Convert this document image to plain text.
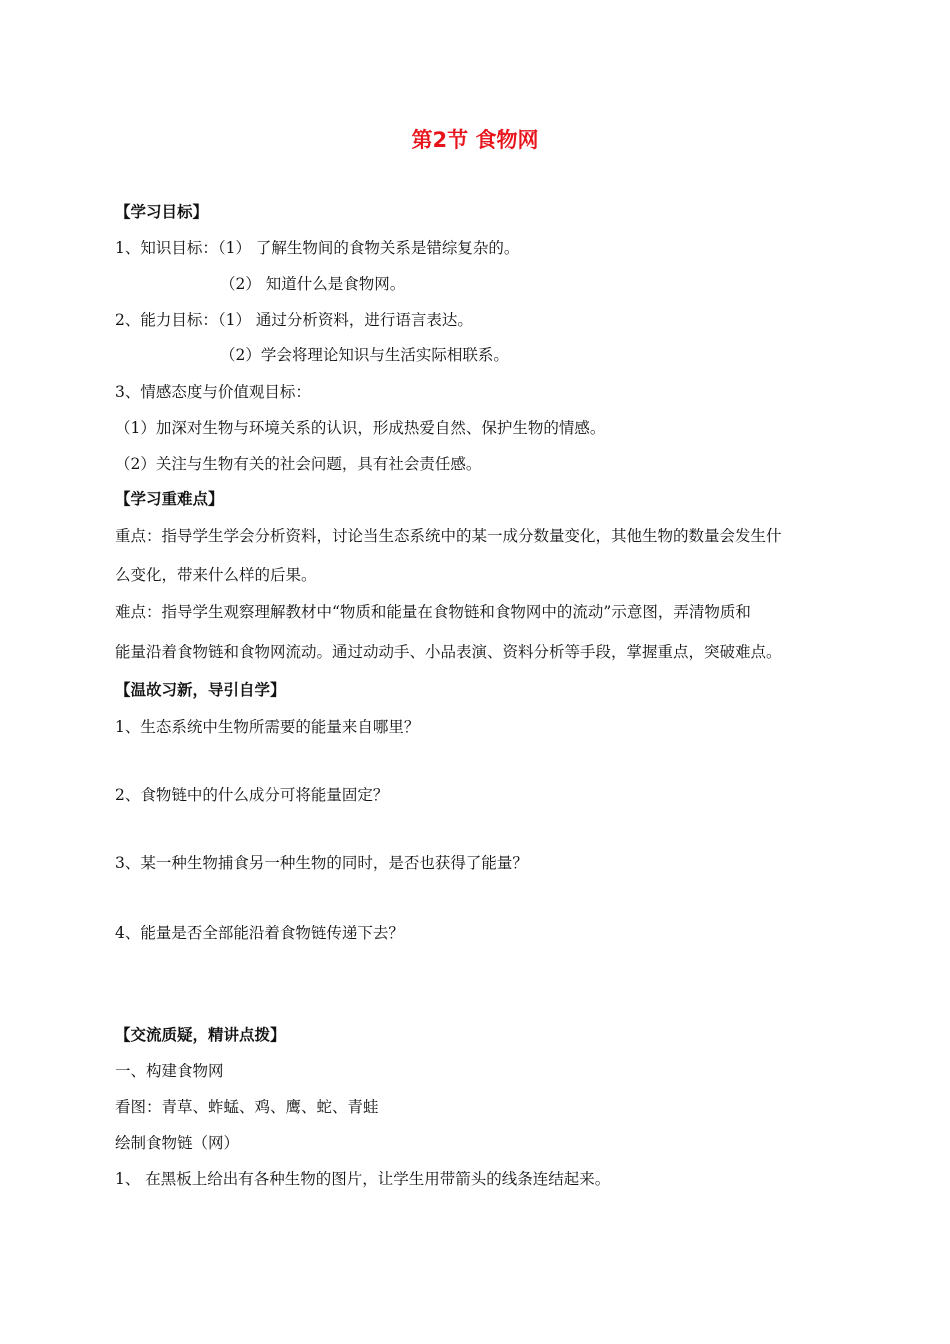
第2节 食物网
【学习目标】
1、知识目标：（1） 了解生物间的食物关系是错综复杂的。
（2） 知道什么是食物网。
2、能力目标：（1） 通过分析资料，进行语言表达。
（2）学会将理论知识与生活实际相联系。
3、情感态度与价值观目标：
（1）加深对生物与环境关系的认识，形成热爱自然、保护生物的情感。
（2）关注与生物有关的社会问题，具有社会责任感。
【学习重难点】
重点：指导学生学会分析资料，讨论当生态系统中的某一成分数量变化，其他生物的数量会发生什
么变化，带来什么样的后果。
难点：指导学生观察理解教材中“物质和能量在食物链和食物网中的流动”示意图，弄清物质和
能量沿着食物链和食物网流动。通过动动手、小品表演、资料分析等手段，掌握重点，突破难点。
【温故习新，导引自学】
1、生态系统中生物所需要的能量来自哪里？
2、食物链中的什么成分可将能量固定？
3、某一种生物捕食另一种生物的同时，是否也获得了能量？
4、能量是否全部能沿着食物链传递下去？
【交流质疑，精讲点拨】
一、构建食物网
看图：青草、蚱蜢、鸡、鹰、蛇、青蛙
绘制食物链（网）
1、 在黑板上给出有各种生物的图片，让学生用带箭头的线条连结起来。
